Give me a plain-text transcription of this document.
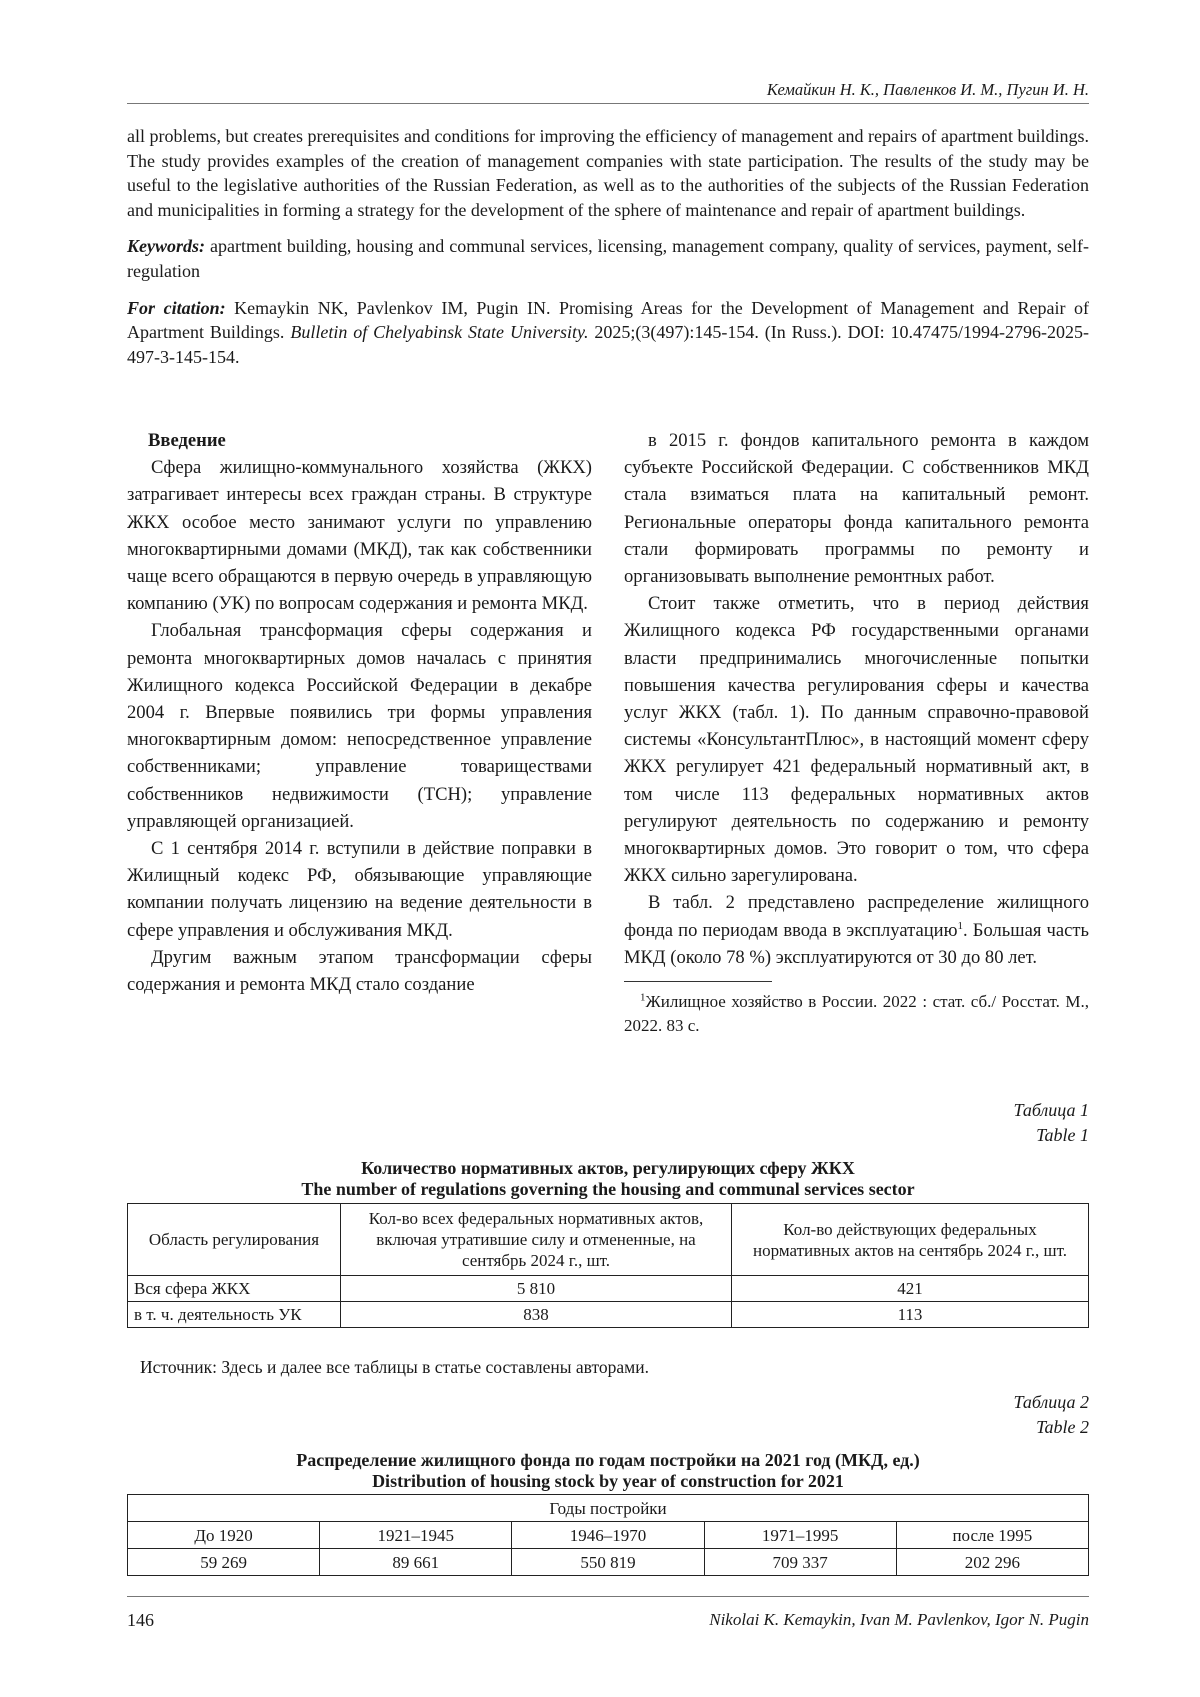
Кемайкин Н. К., Павленков И. М., Пугин И. Н.

all problems, but creates prerequisites and conditions for improving the efficiency of management and repairs of apartment buildings. The study provides examples of the creation of management companies with state participation. The results of the study may be useful to the legislative authorities of the Russian Federation, as well as to the authorities of the subjects of the Russian Federation and municipalities in forming a strategy for the development of the sphere of maintenance and repair of apartment buildings.

Keywords: apartment building, housing and communal services, licensing, management company, quality of services, payment, self-regulation

For citation: Kemaykin NK, Pavlenkov IM, Pugin IN. Promising Areas for the Development of Management and Repair of Apartment Buildings. Bulletin of Chelyabinsk State University. 2025;(3(497):145-154. (In Russ.). DOI: 10.47475/1994-2796-2025-497-3-145-154.

Введение

Сфера жилищно-коммунального хозяйства (ЖКХ) затрагивает интересы всех граждан страны. В структуре ЖКХ особое место занимают услуги по управлению многоквартирными домами (МКД), так как собственники чаще всего обращаются в первую очередь в управляющую компанию (УК) по вопросам содержания и ремонта МКД.

Глобальная трансформация сферы содержания и ремонта многоквартирных домов началась с принятия Жилищного кодекса Российской Федерации в декабре 2004 г. Впервые появились три формы управления многоквартирным домом: непосредственное управление собственниками; управление товариществами собственников недвижимости (ТСН); управление управляющей организацией.

С 1 сентября 2014 г. вступили в действие поправки в Жилищный кодекс РФ, обязывающие управляющие компании получать лицензию на ведение деятельности в сфере управления и обслуживания МКД.

Другим важным этапом трансформации сферы содержания и ремонта МКД стало создание

в 2015 г. фондов капитального ремонта в каждом субъекте Российской Федерации. С собственников МКД стала взиматься плата на капитальный ремонт. Региональные операторы фонда капитального ремонта стали формировать программы по ремонту и организовывать выполнение ремонтных работ.

Стоит также отметить, что в период действия Жилищного кодекса РФ государственными органами власти предпринимались многочисленные попытки повышения качества регулирования сферы и качества услуг ЖКХ (табл. 1). По данным справочно-правовой системы «КонсультантПлюс», в настоящий момент сферу ЖКХ регулирует 421 федеральный нормативный акт, в том числе 113 федеральных нормативных актов регулируют деятельность по содержанию и ремонту многоквартирных домов. Это говорит о том, что сфера ЖКХ сильно зарегулирована.

В табл. 2 представлено распределение жилищного фонда по периодам ввода в эксплуатацию$^1$. Большая часть МКД (около 78 %) эксплуатируются от 30 до 80 лет.

$^1$Жилищное хозяйство в России. 2022 : стат. сб./ Росстат. М., 2022. 83 с.
Таблица 1
Table 1
Количество нормативных актов, регулирующих сферу ЖКХ
The number of regulations governing the housing and communal services sector
Область регулирования	Кол-во всех федеральных нормативных актов, включая утратившие силу и отмененные, на сентябрь 2024 г., шт.	Кол-во действующих федеральных нормативных актов на сентябрь 2024 г., шт.
Вся сфера ЖКХ	5 810	421
в т. ч. деятельность УК	838	113
Источник: Здесь и далее все таблицы в статье составлены авторами.
Таблица 2
Table 2
Распределение жилищного фонда по годам постройки на 2021 год (МКД, ед.)
Distribution of housing stock by year of construction for 2021
Годы постройки				
До 1920	1921–1945	1946–1970	1971–1995	после 1995
59 269	89 661	550 819	709 337	202 296
146	Nikolai K. Kemaykin, Ivan M. Pavlenkov, Igor N. Pugin
